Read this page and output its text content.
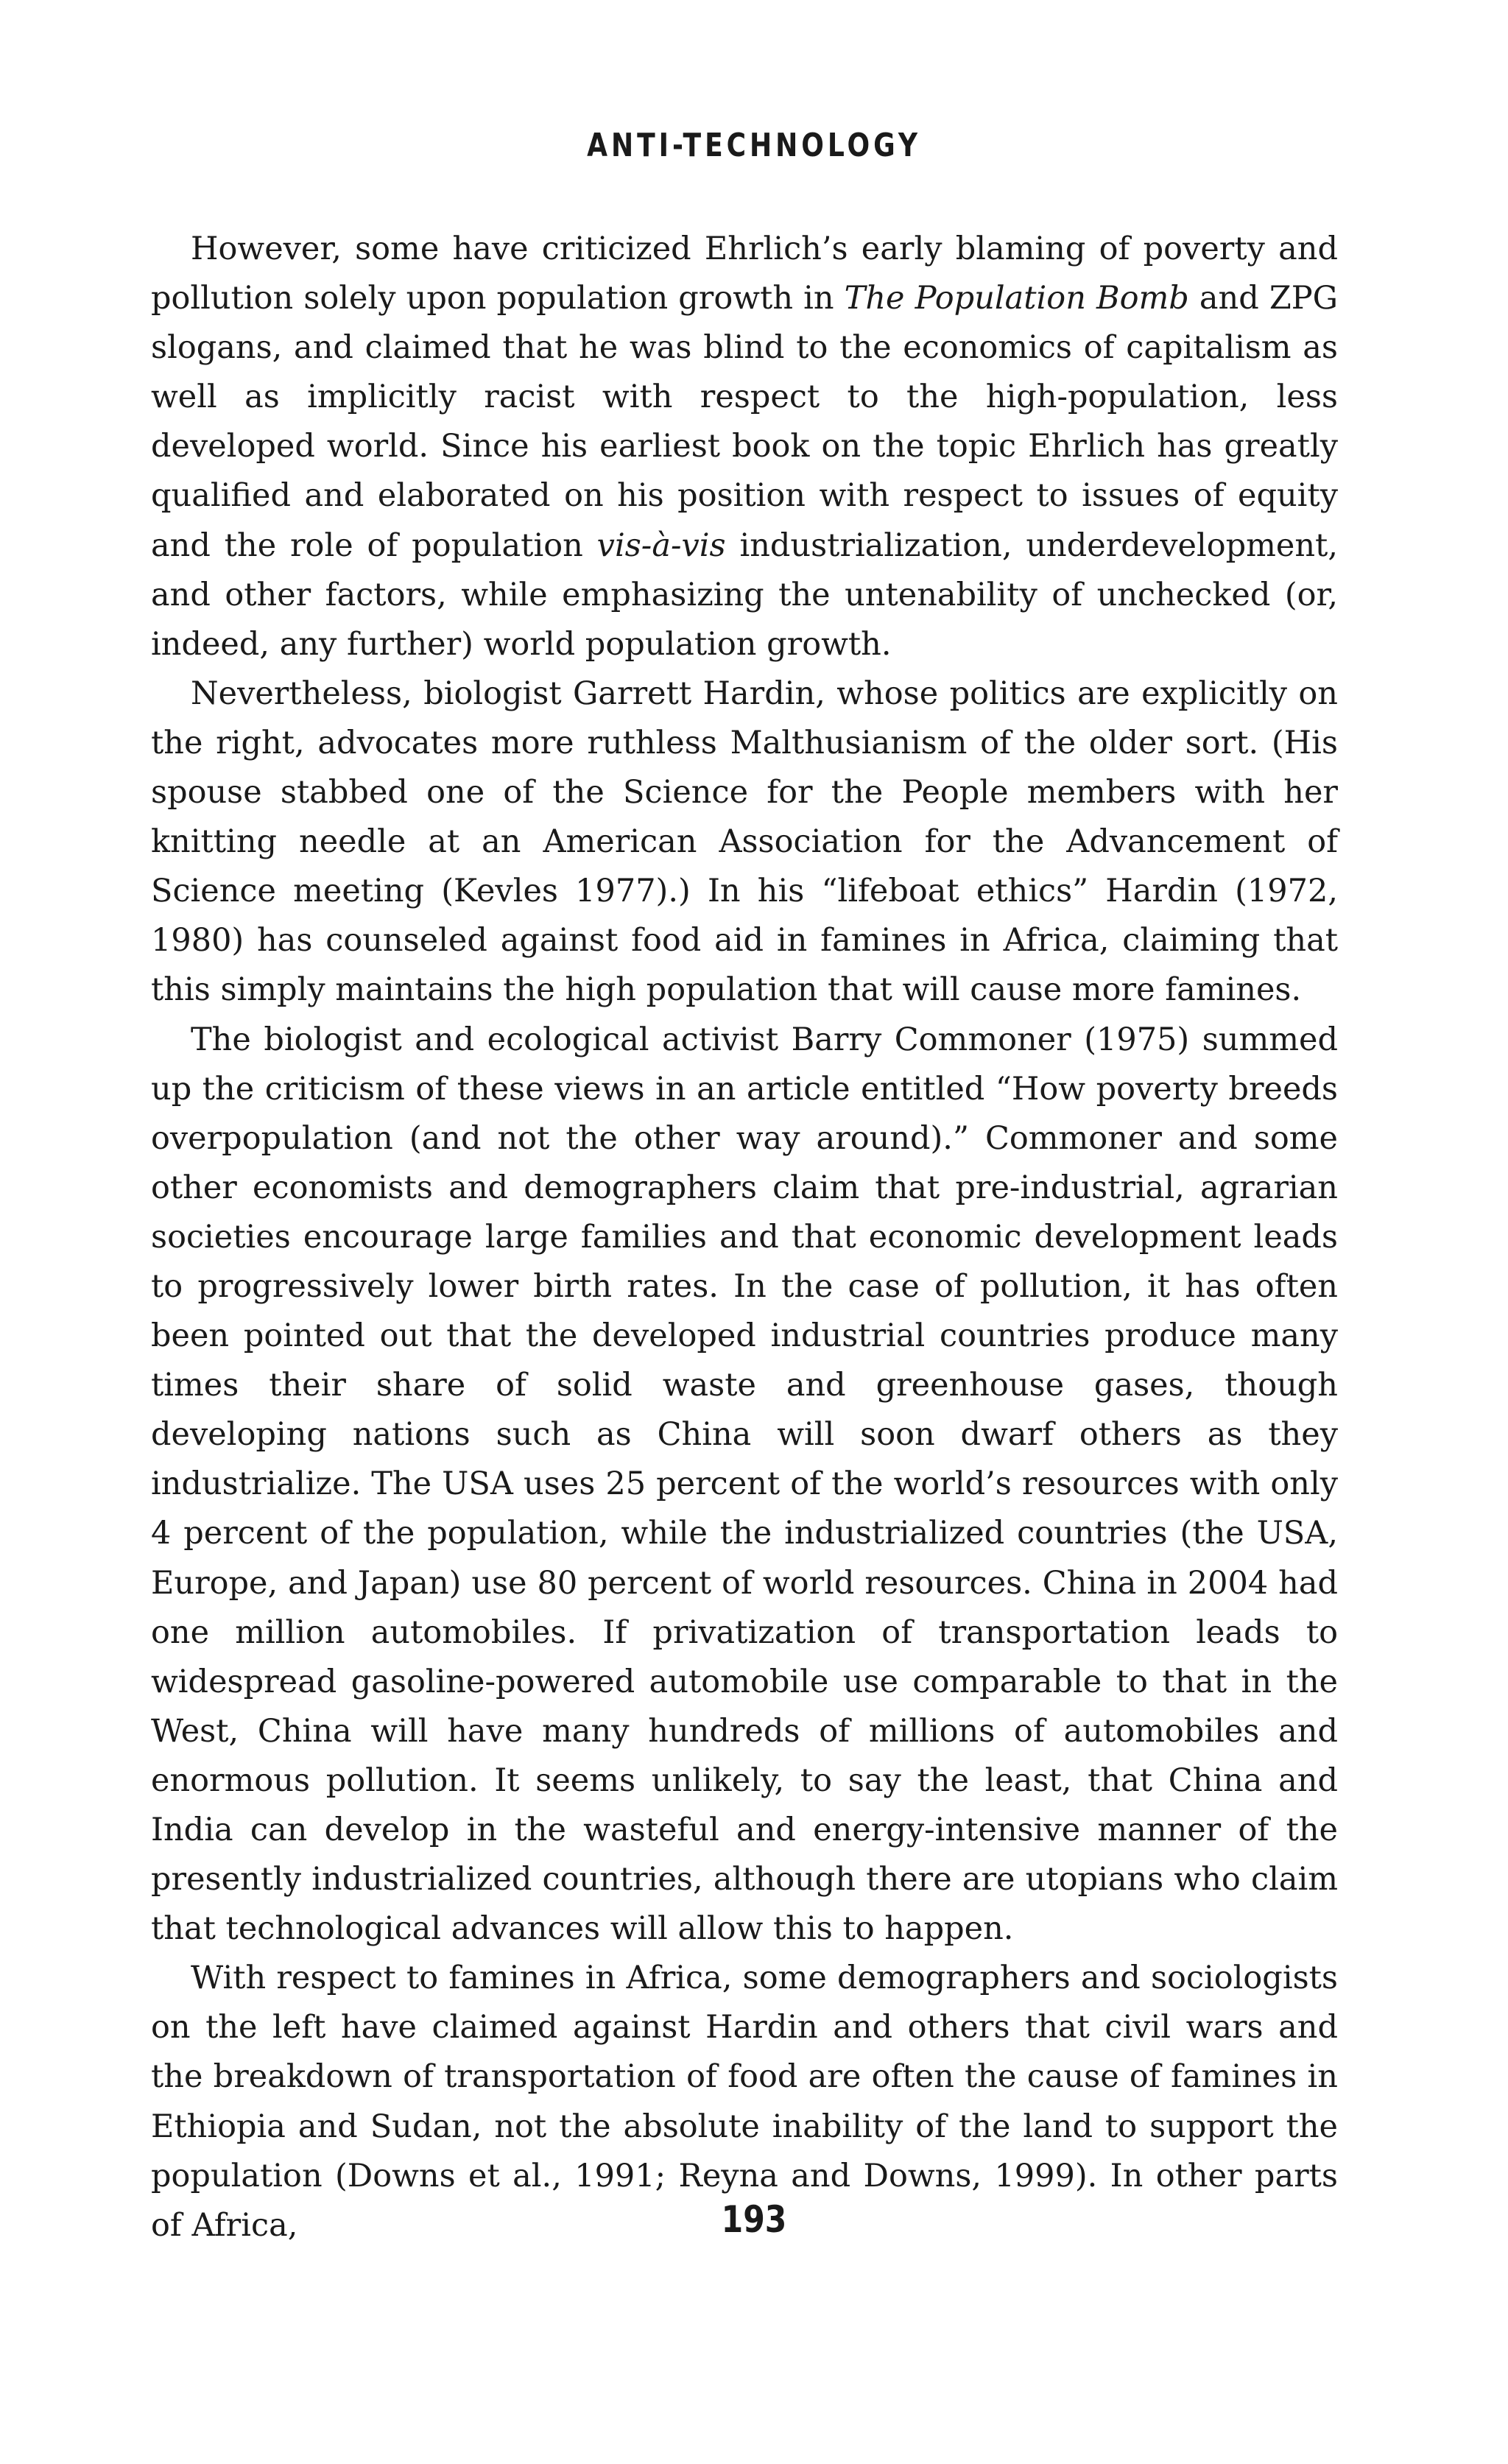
ANTI-TECHNOLOGY

However, some have criticized Ehrlich’s early blaming of poverty and pollution solely upon population growth in The Population Bomb and ZPG slogans, and claimed that he was blind to the economics of capitalism as well as implicitly racist with respect to the high-population, less developed world. Since his earliest book on the topic Ehrlich has greatly qualified and elaborated on his position with respect to issues of equity and the role of population vis-à-vis industrialization, underdevelopment, and other factors, while emphasizing the untenability of unchecked (or, indeed, any further) world population growth.

Nevertheless, biologist Garrett Hardin, whose politics are explicitly on the right, advocates more ruthless Malthusianism of the older sort. (His spouse stabbed one of the Science for the People members with her knitting needle at an American Association for the Advancement of Science meeting (Kevles 1977).) In his “lifeboat ethics” Hardin (1972, 1980) has counseled against food aid in famines in Africa, claiming that this simply maintains the high population that will cause more famines.

The biologist and ecological activist Barry Commoner (1975) summed up the criticism of these views in an article entitled “How poverty breeds overpopulation (and not the other way around).” Commoner and some other economists and demographers claim that pre-industrial, agrarian societies encourage large families and that economic development leads to progressively lower birth rates. In the case of pollution, it has often been pointed out that the developed industrial countries produce many times their share of solid waste and greenhouse gases, though developing nations such as China will soon dwarf others as they industrialize. The USA uses 25 percent of the world’s resources with only 4 percent of the population, while the industrialized countries (the USA, Europe, and Japan) use 80 percent of world resources. China in 2004 had one million automobiles. If privatization of transportation leads to widespread gasoline-powered automobile use comparable to that in the West, China will have many hundreds of millions of automobiles and enormous pollution. It seems unlikely, to say the least, that China and India can develop in the wasteful and energy-intensive manner of the presently industrialized countries, although there are utopians who claim that technological advances will allow this to happen.

With respect to famines in Africa, some demographers and sociologists on the left have claimed against Hardin and others that civil wars and the breakdown of transportation of food are often the cause of famines in Ethiopia and Sudan, not the absolute inability of the land to support the population (Downs et al., 1991; Reyna and Downs, 1999). In other parts of Africa,	193
